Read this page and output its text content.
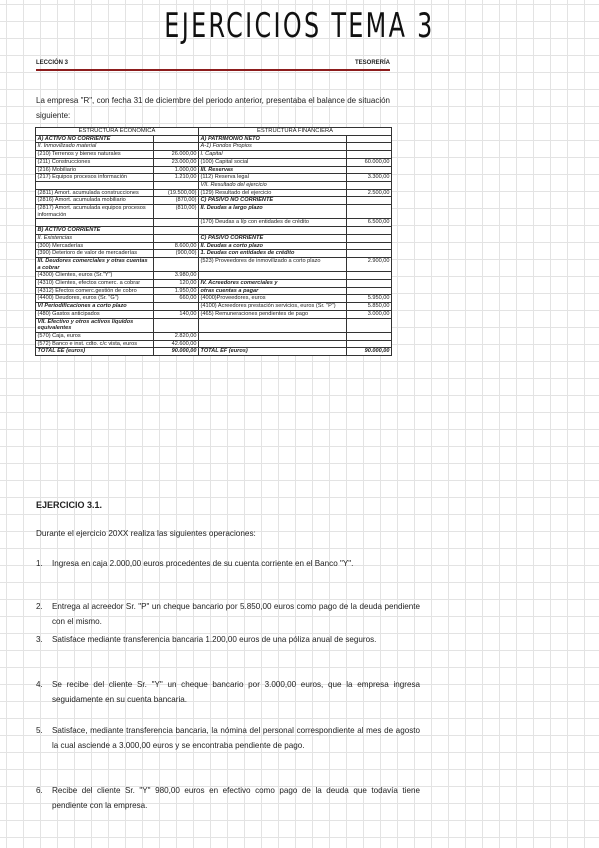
EJERCICIOS TEMA 3
LECCIÓN 3	TESORERÍA
La empresa "R", con fecha 31 de diciembre del periodo anterior, presentaba el balance de situación siguiente:
ESTRUCTURA ECONÓMICA		ESTRUCTURA FINANCIERA	
A) ACTIVO NO CORRIENTE		A) PATRIMONIO NETO	
II. Inmovilizado material		A-1) Fondos Propios	
(210) Terrenos y bienes naturales	26.000,00	I. Capital	
(211) Construcciones	23.000,00	(100) Capital social	60.000,00
(216) Mobiliario	1.000,00	III. Reservas	
(217) Equipos procesos información	1.210,00	(112) Reserva legal	3.300,00
		VII. Resultado del ejercicio	
(2811) Amort. acumulada construcciones	(19.500,00)	(129) Resultado del ejercicio	2.500,00
(2816) Amort. acumulada mobiliario	(870,00)	C) PASIVO NO CORRIENTE	
(2817) Amort. acumulada equipos procesos información	(810,00)	II. Deudas a largo plazo	
		(170) Deudas a l/p con entidades de crédito	6.500,00
B) ACTIVO CORRIENTE			
II. Existencias		C) PASIVO CORRIENTE	
(300) Mercaderías	8.600,00	II. Deudas a corto plazo	
(390) Deterioro de valor de mercaderías	(900,00)	1. Deudas con entidades de crédito	
III. Deudores comerciales y otras cuentas a cobrar		(523) Proveedores de inmovilizado a corto plazo	2.900,00
(4300) Clientes, euros (Sr."Y")	3.980,00		
(4310) Clientes, efectos comerc. a cobrar	120,00	IV. Acreedores comerciales y	
(4312) Efectos comerc.gestión de cobro	1.950,00	otras cuentas a pagar	
(4400) Deudores, euros (Sr. "G")	660,00	(4000)Proveedores, euros	5.950,00
VI Periodificaciones a corto plazo		(4100) Acreedores prestación servicios, euros (Sr. "P")	5.850,00
(480) Gastos anticipados	140,00	(465) Remuneraciones pendientes de pago	3.000,00
VII. Efectivo y otros activos líquidos equivalentes			
(570) Caja, euros	2.820,00		
(572) Banco e inst. cdto. c/c vista, euros	42.600,00		
TOTAL EE (euros)	90.000,00	TOTAL EF (euros)	90.000,00
EJERCICIO 3.1.
Durante el ejercicio 20XX realiza las siguientes operaciones:
1. Ingresa en caja 2.000,00 euros procedentes de su cuenta corriente en el Banco "Y".
2. Entrega al acreedor Sr. "P" un cheque bancario por 5.850,00 euros como pago de la deuda pendiente con el mismo.
3. Satisface mediante transferencia bancaria 1.200,00 euros de una póliza anual de seguros.
4. Se recibe del cliente Sr. "Y" un cheque bancario por 3.000,00 euros, que la empresa ingresa seguidamente en su cuenta bancaria.
5. Satisface, mediante transferencia bancaria, la nómina del personal correspondiente al mes de agosto la cual asciende a 3.000,00 euros y se encontraba pendiente de pago.
6. Recibe del cliente Sr. "Y" 980,00 euros en efectivo como pago de la deuda que todavía tiene pendiente con la empresa.
